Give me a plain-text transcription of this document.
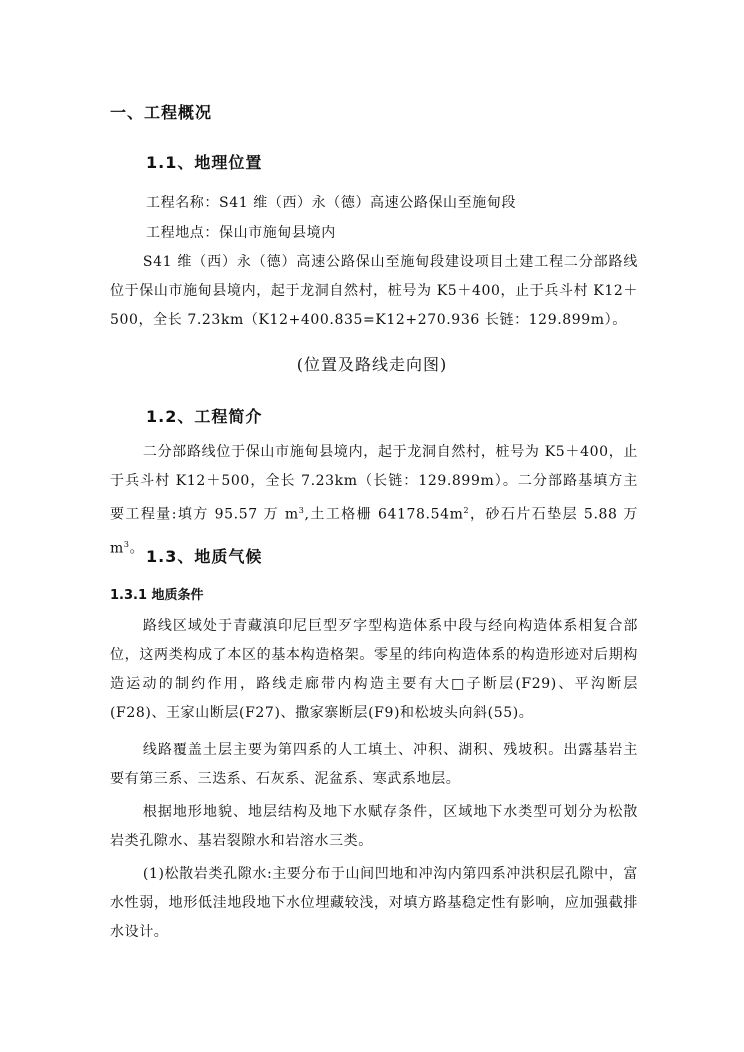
一、工程概况
1.1、地理位置
工程名称：S41 维（西）永（德）高速公路保山至施甸段
工程地点：保山市施甸县境内
S41 维（西）永（德）高速公路保山至施甸段建设项目土建工程二分部路线位于保山市施甸县境内，起于龙洞自然村，桩号为 K5＋400，止于兵斗村 K12＋500，全长 7.23km（K12+400.835=K12+270.936 长链：129.899m）。
(位置及路线走向图)
1.2、工程简介
二分部路线位于保山市施甸县境内，起于龙洞自然村，桩号为 K5＋400，止于兵斗村 K12＋500，全长 7.23km（长链：129.899m）。二分部路基填方主要工程量:填方 95.57 万 $m^3$,土工格栅 $64178.54m^2$，砂石片石垫层 5.88 万 $m^3$。 1.3、地质气候
1.3.1 地质条件
路线区域处于青藏滇印尼巨型歹字型构造体系中段与经向构造体系相复合部位，这两类构成了本区的基本构造格架。零星的纬向构造体系的构造形迹对后期构造运动的制约作用，路线走廊带内构造主要有大□子断层(F29)、平沟断层(F28)、王家山断层(F27)、撒家寨断层(F9)和松坡头向斜(55)。
线路覆盖土层主要为第四系的人工填土、冲积、湖积、残坡积。出露基岩主要有第三系、三迭系、石灰系、泥盆系、寒武系地层。
根据地形地貌、地层结构及地下水赋存条件，区域地下水类型可划分为松散岩类孔隙水、基岩裂隙水和岩溶水三类。
(1)松散岩类孔隙水:主要分布于山间凹地和冲沟内第四系冲洪积层孔隙中，富水性弱，地形低洼地段地下水位埋藏较浅，对填方路基稳定性有影响，应加强截排水设计。
